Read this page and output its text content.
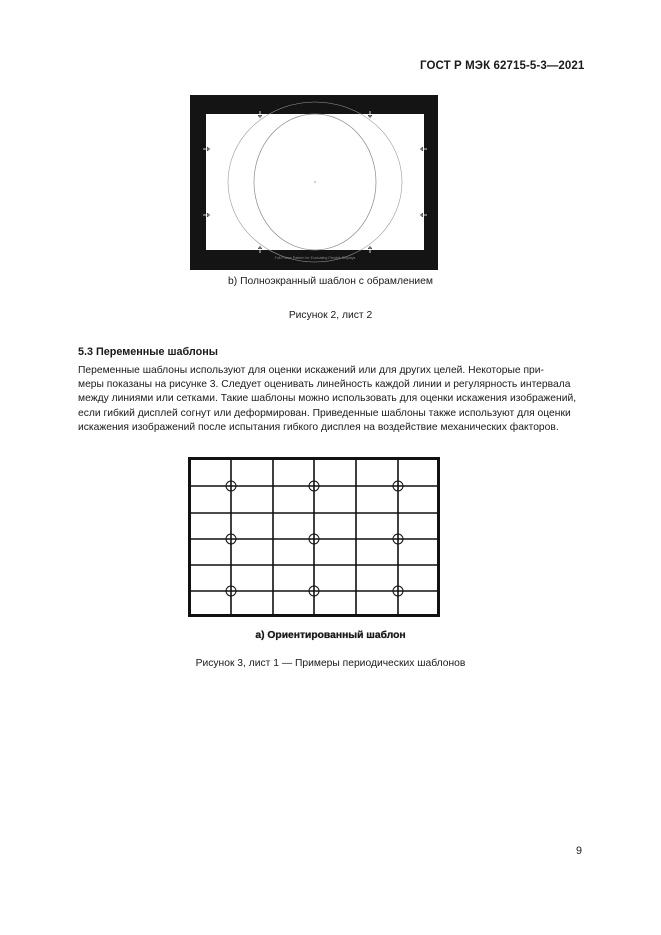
ГОСТ Р МЭК 62715-5-3—2021
Full Frame Pattern for Evaluating Flexible Displays
b) Полноэкранный шаблон с обрамлением
Рисунок 2, лист 2
5.3 Переменные шаблоны
Переменные шаблоны используют для оценки искажений или для других целей. Некоторые при-
меры показаны на рисунке 3. Следует оценивать линейность каждой линии и регулярность интервала
между линиями или сетками. Такие шаблоны можно использовать для оценки искажения изображений,
если гибкий дисплей согнут или деформирован. Приведенные шаблоны также используют для оценки
искажения изображений после испытания гибкого дисплея на воздействие механических факторов.
а) Ориентированный шаблон
Рисунок 3, лист 1 — Примеры периодических шаблонов
9
